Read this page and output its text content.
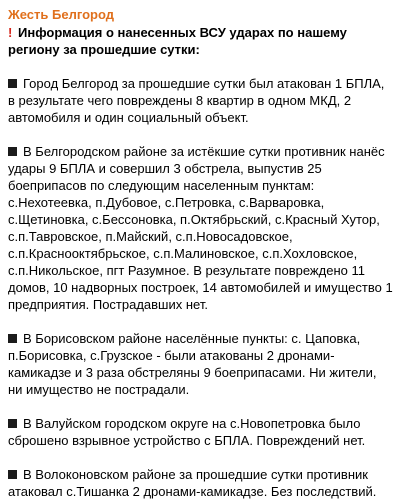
Жесть Белгород
! Информация о нанесенных ВСУ ударах по нашему региону за прошедшие сутки:
Город Белгород за прошедшие сутки был атакован 1 БПЛА, в результате чего повреждены 8 квартир в одном МКД, 2 автомобиля и один социальный объект.
В Белгородском районе за истёкшие сутки противник нанёс удары 9 БПЛА и совершил 3 обстрела, выпустив 25 боеприпасов по следующим населенным пунктам: с.Нехотеевка, п.Дубовое, с.Петровка, с.Варваровка, с.Щетиновка, с.Бессоновка, п.Октябрьский, с.Красный Хутор, с.п.Тавровское, п.Майский, с.п.Новосадовское, с.п.Краснооктябрьское, с.п.Малиновское, с.п.Хохловское, с.п.Никольское, пгт Разумное. В результате повреждено 11 домов, 10 надворных построек, 14 автомобилей и имущество 1 предприятия. Пострадавших нет.
В Борисовском районе населённые пункты: с. Цаповка, п.Борисовка, с.Грузское - были атакованы 2 дронами-камикадзе и 3 раза обстреляны 9 боеприпасами. Ни жители, ни имущество не пострадали.
В Валуйском городском округе на с.Новопетровка было сброшено взрывное устройство с БПЛА. Повреждений нет.
В Волоконовском районе за прошедшие сутки противник атаковал с.Тишанка 2 дронами-камикадзе. Без последствий.
